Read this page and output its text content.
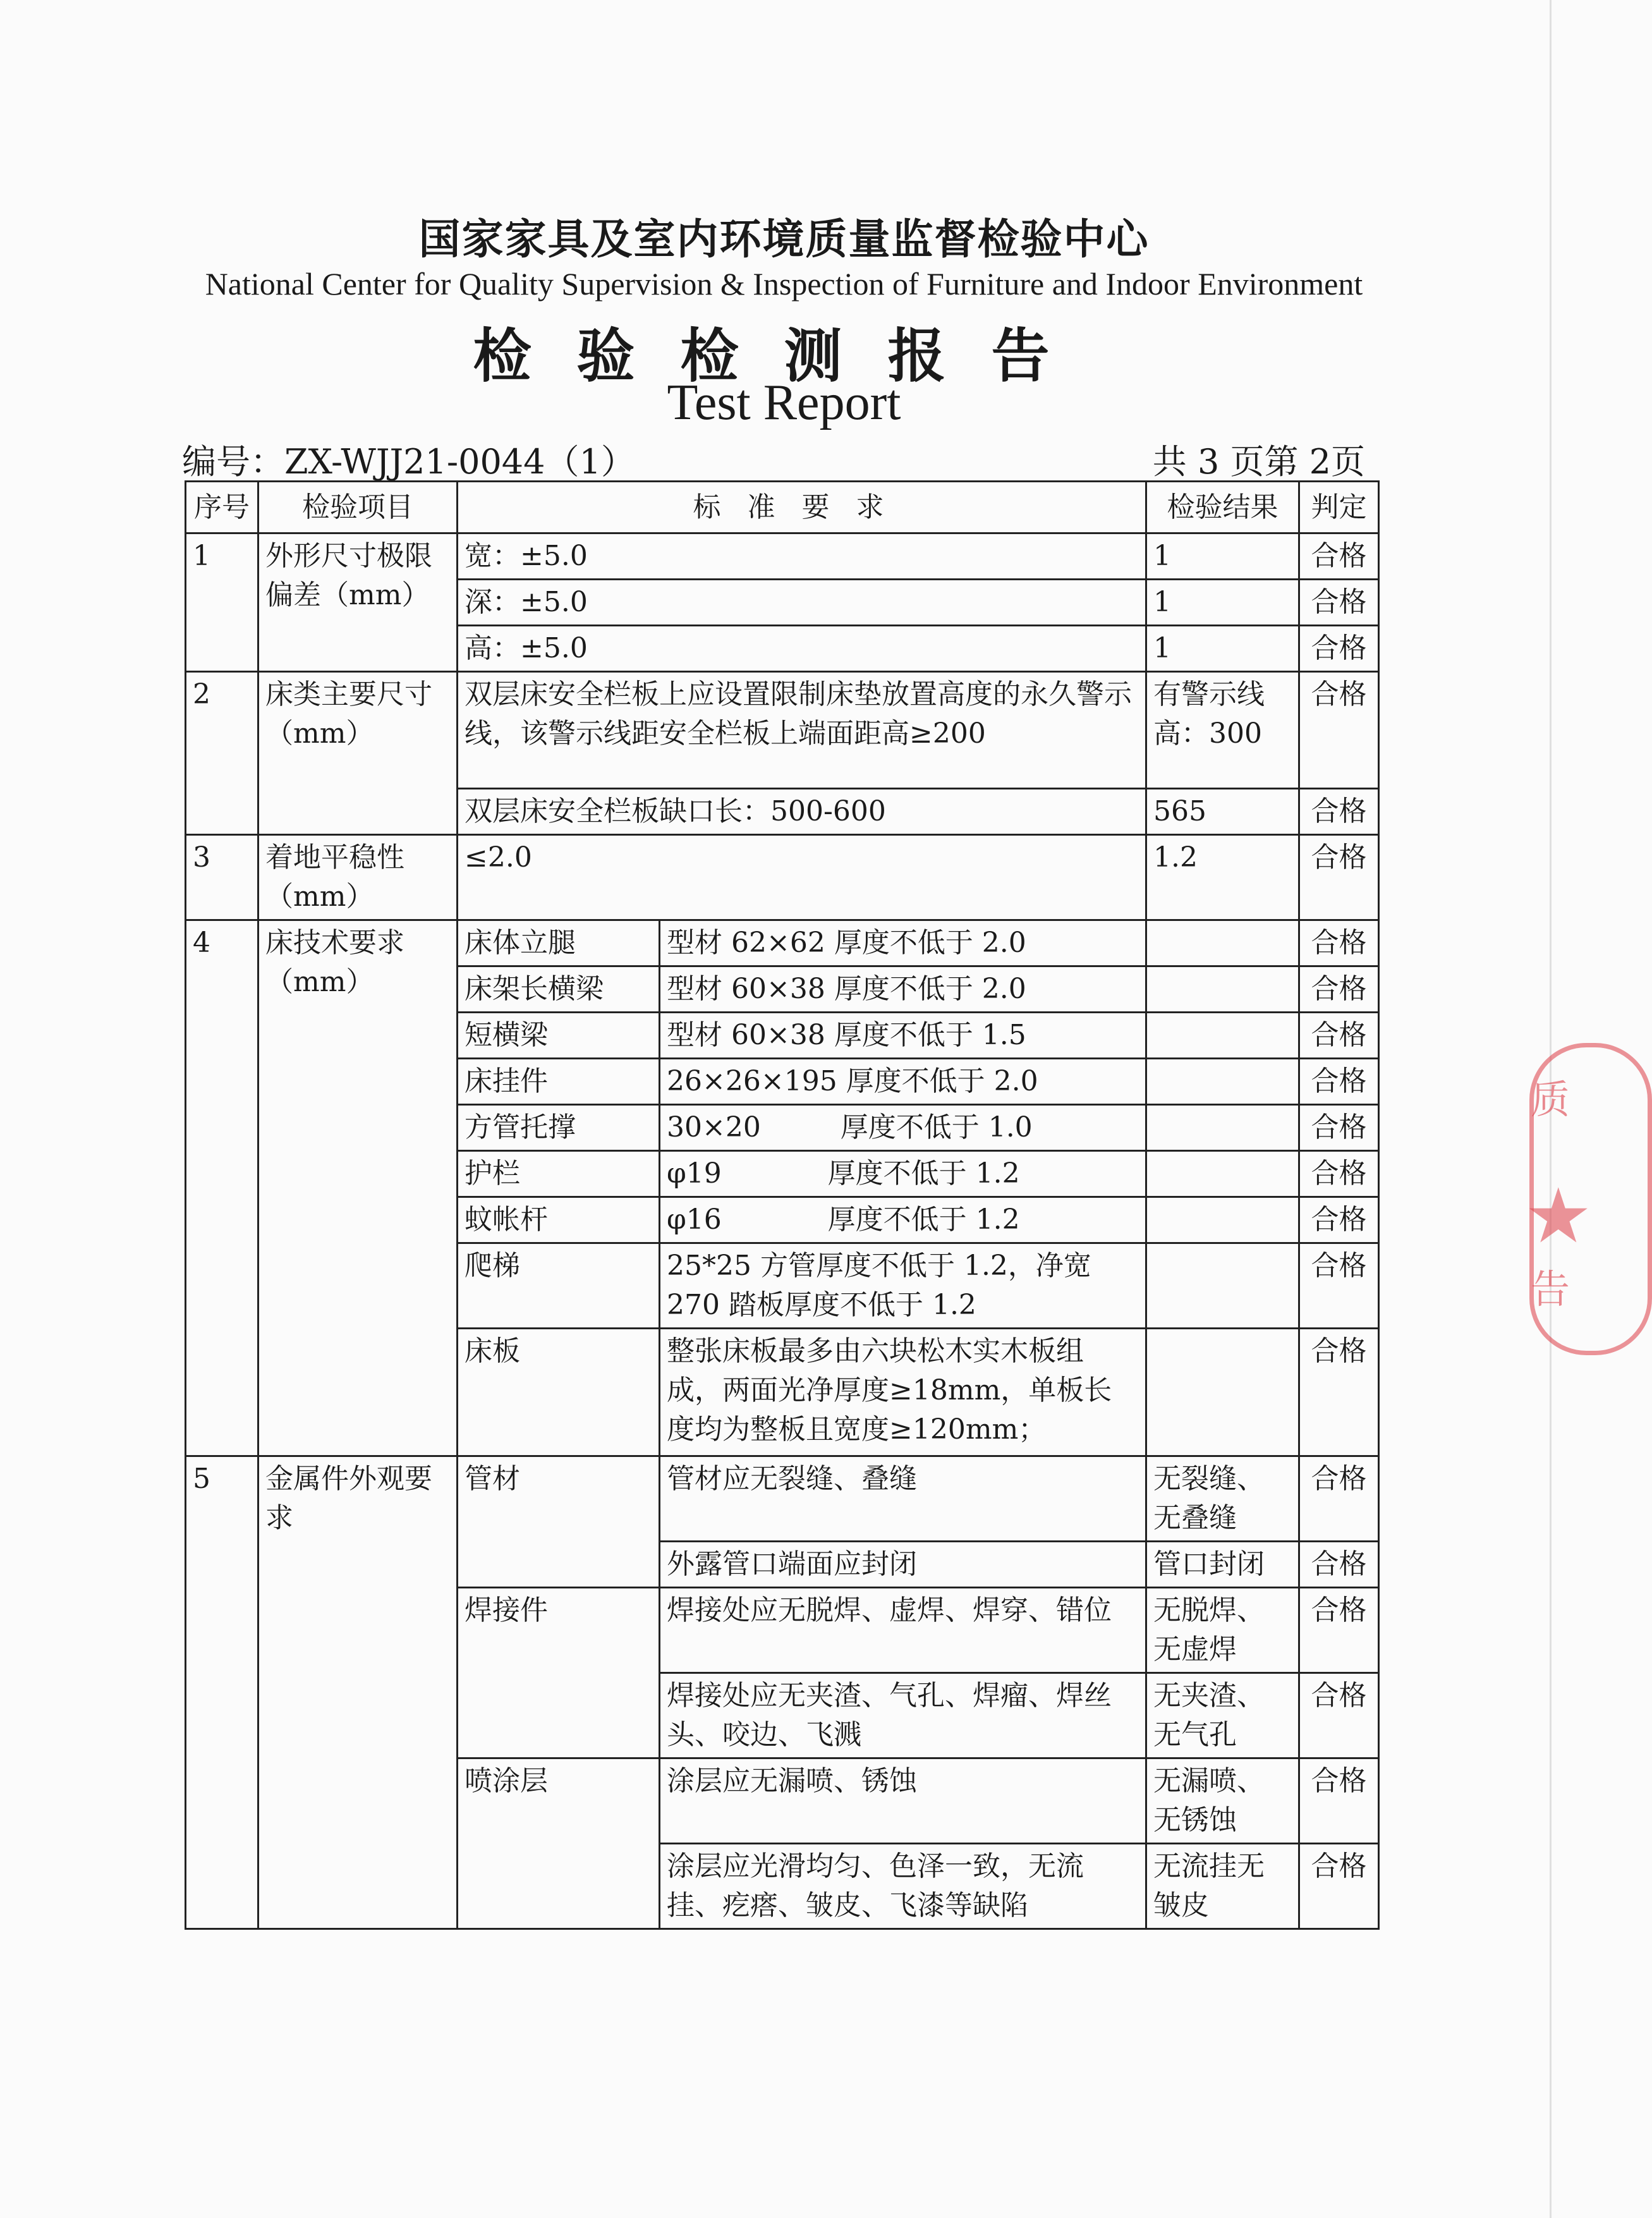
国家家具及室内环境质量监督检验中心
National Center for Quality Supervision & Inspection of Furniture and Indoor Environment
检验检测报告
Test Report
编号：ZX-WJJ21-0044（1）	共 3 页第 2页
序号	检验项目	标准要求		检验结果	判定
1	外形尺寸极限偏差（mm）	宽：±5.0		1	合格
		深：±5.0		1	合格
		高：±5.0		1	合格
2	床类主要尺寸（mm）	双层床安全栏板上应设置限制床垫放置高度的永久警示线，该警示线距安全栏板上端面距高≥200		有警示线高：300	合格
		双层床安全栏板缺口长：500-600		565	合格
3	着地平稳性（mm）	≤2.0		1.2	合格
4	床技术要求（mm）	床体立腿	型材 62×62 厚度不低于 2.0		合格
		床架长横梁	型材 60×38 厚度不低于 2.0		合格
		短横梁	型材 60×38 厚度不低于 1.5		合格
		床挂件	26×26×195 厚度不低于 2.0		合格
		方管托撑	30×20         厚度不低于 1.0		合格
		护栏	φ19            厚度不低于 1.2		合格
		蚊帐杆	φ16            厚度不低于 1.2		合格
		爬梯	25*25 方管厚度不低于 1.2，净宽270 踏板厚度不低于 1.2		合格
		床板	整张床板最多由六块松木实木板组成，两面光净厚度≥18mm，单板长度均为整板且宽度≥120mm；		合格
5	金属件外观要求	管材	管材应无裂缝、叠缝	无裂缝、无叠缝	合格
			外露管口端面应封闭	管口封闭	合格
		焊接件	焊接处应无脱焊、虚焊、焊穿、错位	无脱焊、无虚焊	合格
			焊接处应无夹渣、气孔、焊瘤、焊丝头、咬边、飞溅	无夹渣、无气孔	合格
		喷涂层	涂层应无漏喷、锈蚀	无漏喷、无锈蚀	合格
			涂层应光滑均匀、色泽一致，无流挂、疙瘩、皱皮、飞漆等缺陷	无流挂无皱皮	合格
质
★
告
